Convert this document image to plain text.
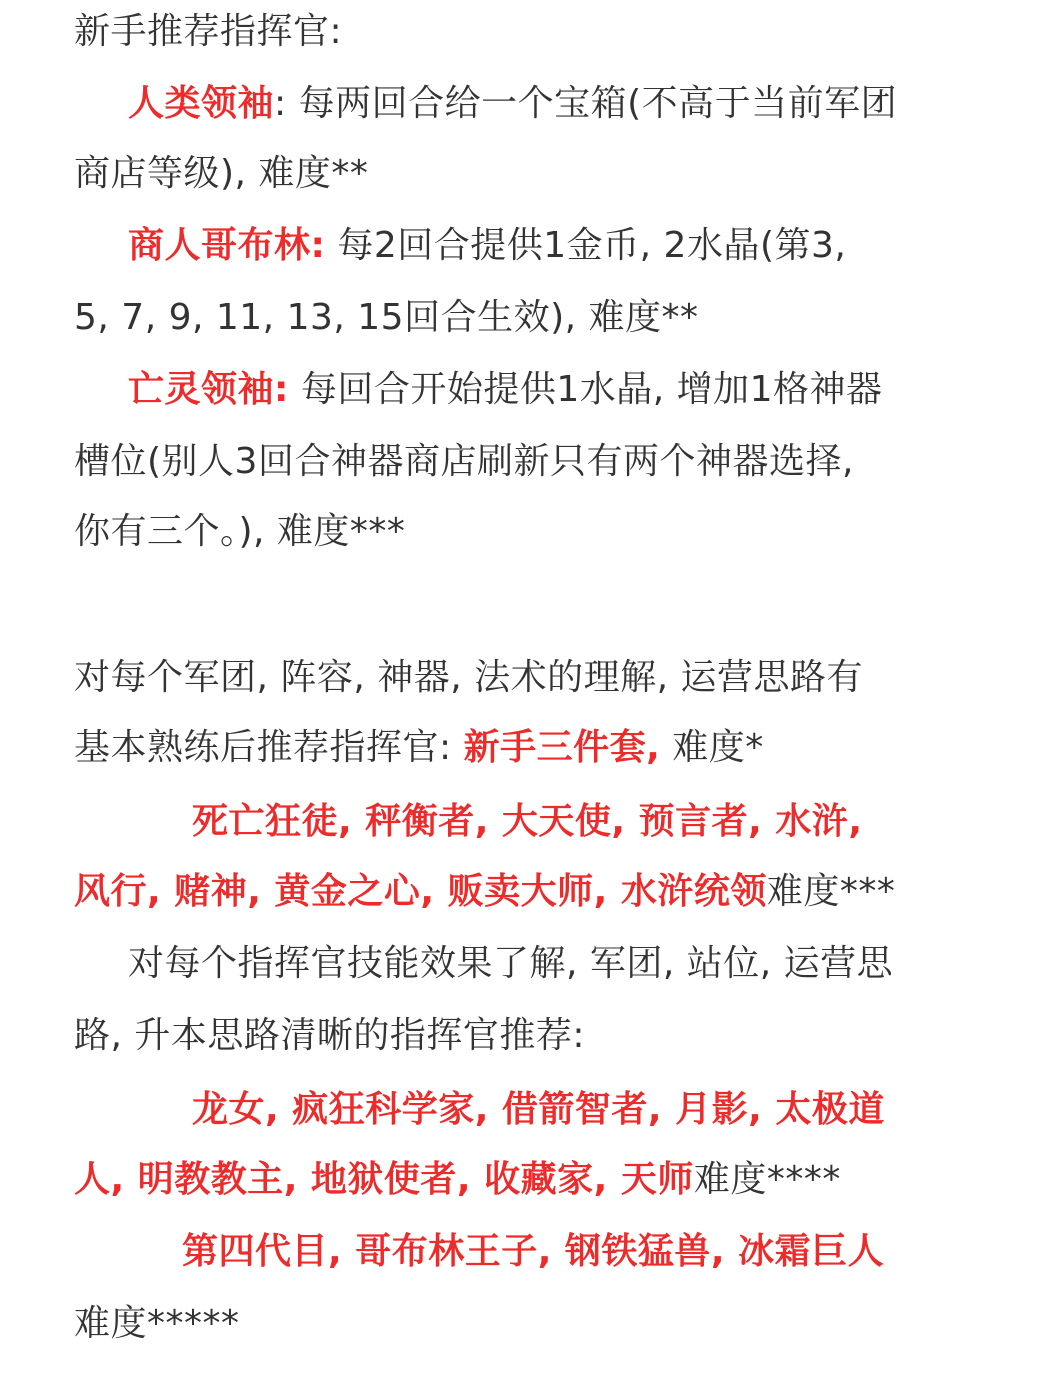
新手推荐指挥官:
人类领袖: 每两回合给一个宝箱(不高于当前军团
商店等级), 难度**
商人哥布林: 每2回合提供1金币, 2水晶(第3,
5, 7, 9, 11, 13, 15回合生效), 难度**
亡灵领袖: 每回合开始提供1水晶, 增加1格神器
槽位(别人3回合神器商店刷新只有两个神器选择,
你有三个。), 难度***
对每个军团, 阵容, 神器, 法术的理解, 运营思路有
基本熟练后推荐指挥官: 新手三件套, 难度*
死亡狂徒, 秤衡者, 大天使, 预言者, 水浒,
风行, 赌神, 黄金之心, 贩卖大师, 水浒统领难度***
对每个指挥官技能效果了解, 军团, 站位, 运营思
路, 升本思路清晰的指挥官推荐:
龙女, 疯狂科学家, 借箭智者, 月影, 太极道
人, 明教教主, 地狱使者, 收藏家, 天师难度****
第四代目, 哥布林王子, 钢铁猛兽, 冰霜巨人
难度*****
